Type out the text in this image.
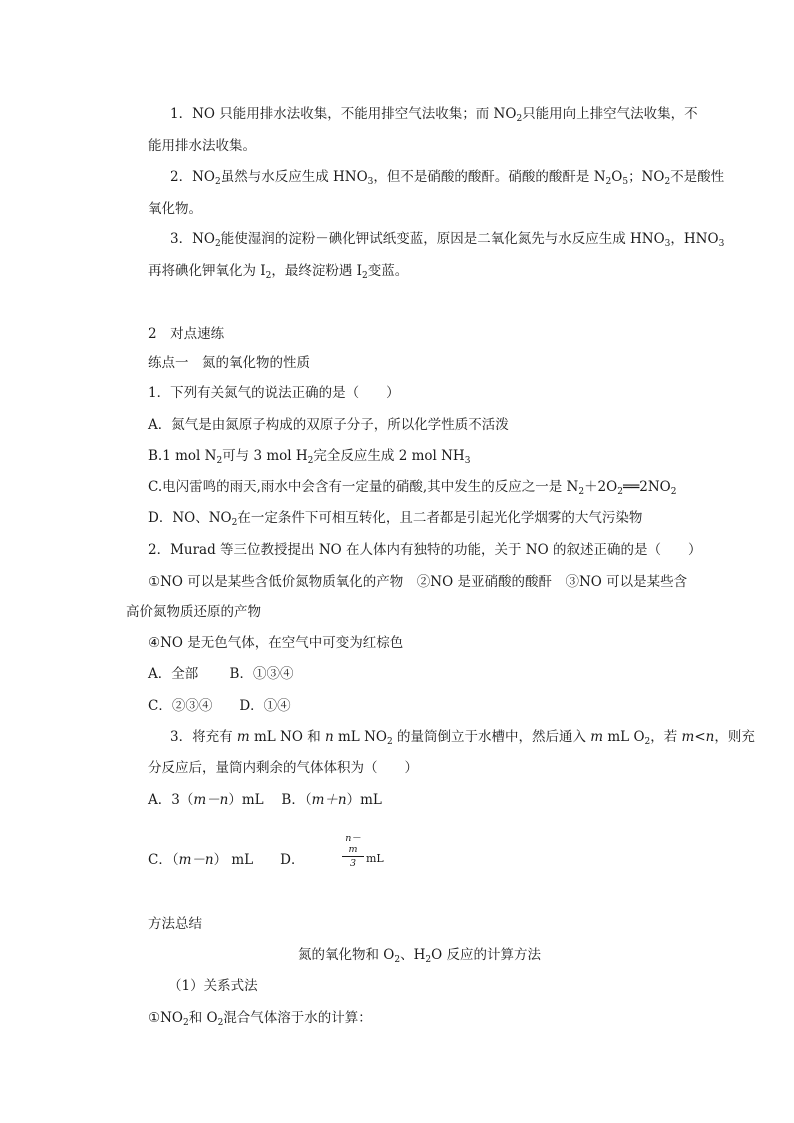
1．NO 只能用排水法收集，不能用排空气法收集；而 $NO_2$只能用向上排空气法收集，不
能用排水法收集。
2．$NO_2$虽然与水反应生成 $HNO_3$，但不是硝酸的酸酐。硝酸的酸酐是 $N_2O_5$；$NO_2$不是酸性
氧化物。
3．$NO_2$能使湿润的淀粉－碘化钾试纸变蓝，原因是二氧化氮先与水反应生成 $HNO_3$，$HNO_3$
再将碘化钾氧化为 $I_2$，最终淀粉遇 $I_2$变蓝。
2　对点速练
练点一　氮的氧化物的性质
1．下列有关氮气的说法正确的是（　　）
A．氮气是由氮原子构成的双原子分子，所以化学性质不活泼
B.1 mol $N_2$可与 3 mol $H_2$完全反应生成 2 mol $NH_3$
C.电闪雷鸣的雨天,雨水中会含有一定量的硝酸,其中发生的反应之一是 $N_2+2O_2══2NO_2$
D．NO、$NO_2$在一定条件下可相互转化，且二者都是引起光化学烟雾的大气污染物
2．Murad 等三位教授提出 NO 在人体内有独特的功能，关于 NO 的叙述正确的是（　　）
①NO 可以是某些含低价氮物质氧化的产物　②NO 是亚硝酸的酸酐　③NO 可以是某些含
高价氮物质还原的产物
④NO 是无色气体，在空气中可变为红棕色
A．全部　　 B．①③④
C．②③④　　D．①④
3．将充有 m mL NO 和 n mL $NO_2$ 的量筒倒立于水槽中，然后通入 m mL $O_2$，若 m<n，则充
分反应后，量筒内剩余的气体体积为（　　）
A．3（m－n）mL　 B．（m＋n）mL
C．（m－n） mL　　D．
n－m
3 mL
方法总结
氮的氧化物和 $O_2$、$H_2O$ 反应的计算方法
（1）关系式法
$①NO_2$和 $O_2$混合气体溶于水的计算：
